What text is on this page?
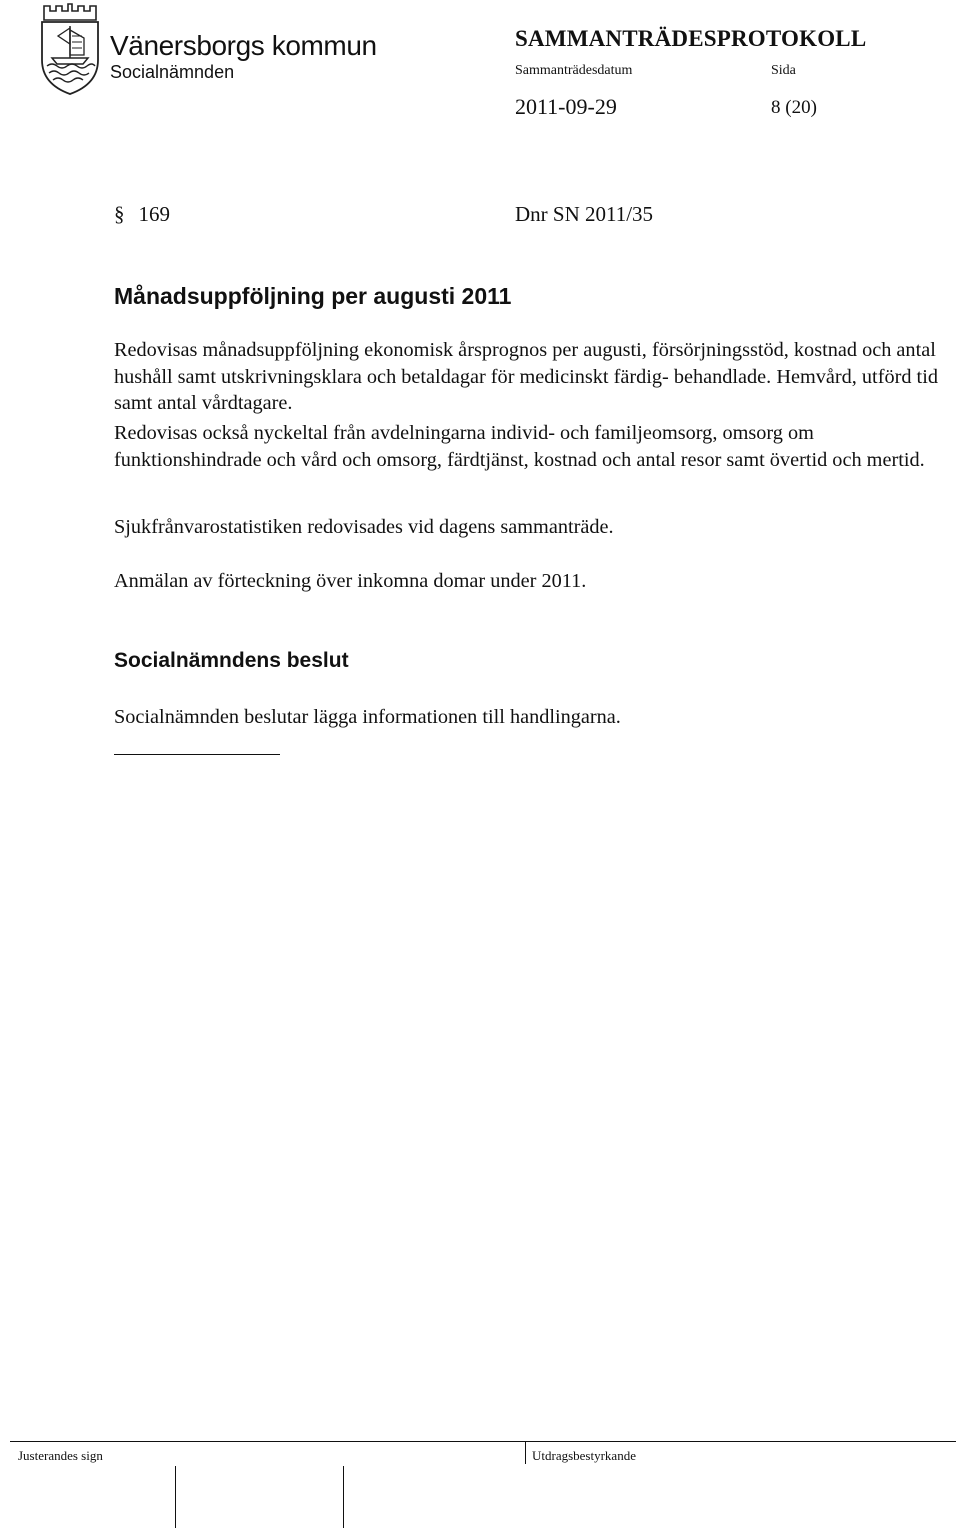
Vänersborgs kommun
Socialnämnden
SAMMANTRÄDESPROTOKOLL
Sammanträdesdatum	Sida
2011-09-29	8 (20)
§ 169	Dnr SN 2011/35
Månadsuppföljning per augusti 2011
Redovisas månadsuppföljning ekonomisk årsprognos per augusti, försörjningsstöd, kostnad och antal hushåll samt utskrivningsklara och betaldagar för medicinskt färdig- behandlade. Hemvård, utförd tid samt antal vårdtagare.
Redovisas också nyckeltal från avdelningarna individ- och familjeomsorg, omsorg om funktionshindrade och vård och omsorg, färdtjänst, kostnad och antal resor samt övertid och mertid.
Sjukfrånvarostatistiken redovisades vid dagens sammanträde.
Anmälan av förteckning över inkomna domar under 2011.
Socialnämndens beslut
Socialnämnden beslutar lägga informationen till handlingarna.
Justerandes sign	Utdragsbestyrkande
